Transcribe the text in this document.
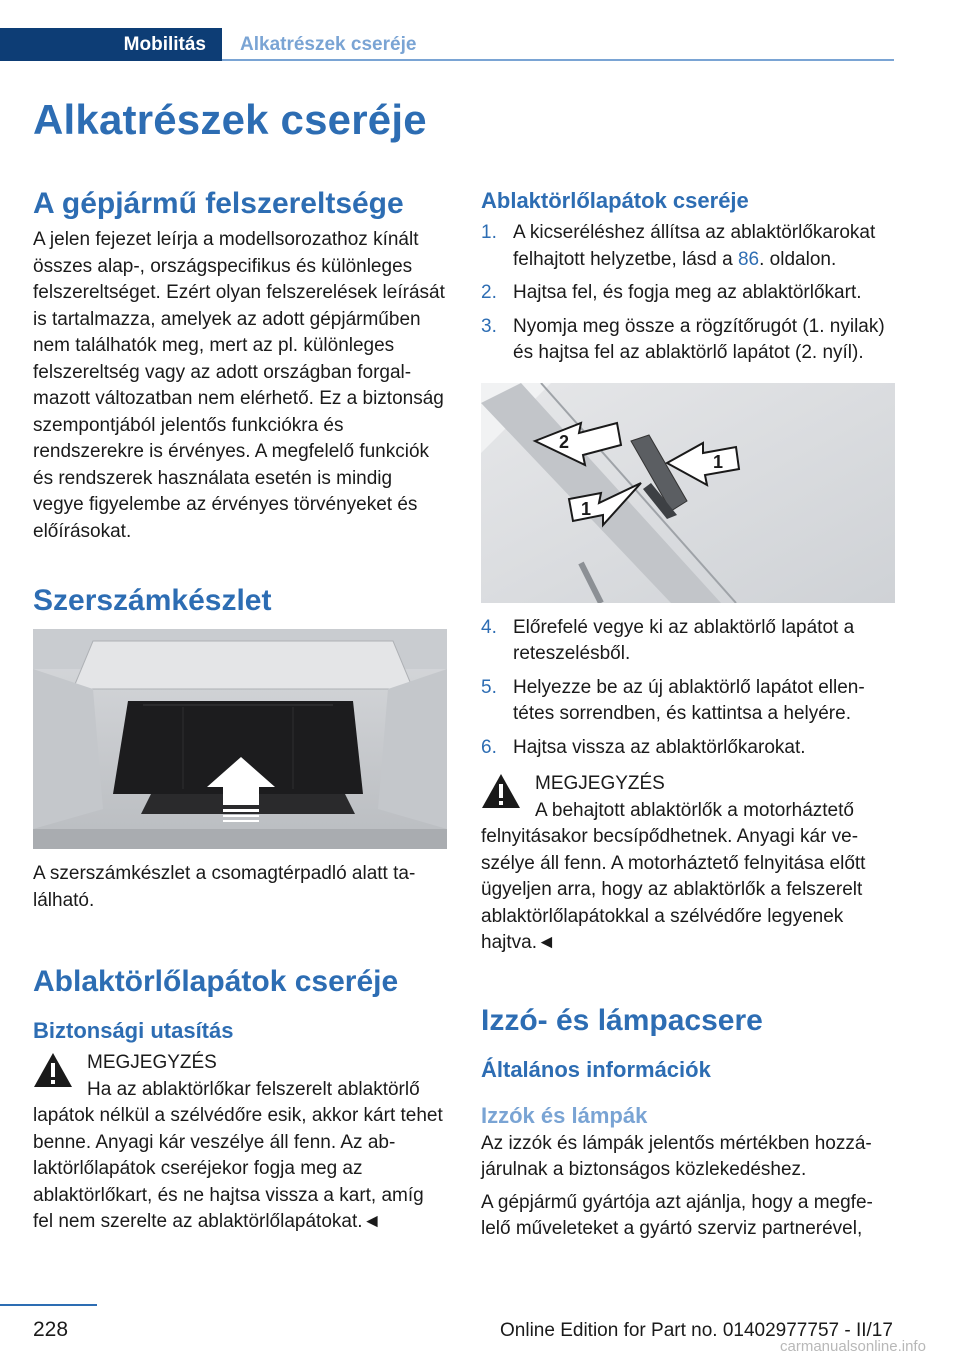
Mobilitás	Alkatrészek cseréje
Alkatrészek cseréje
A gépjármű felszereltsége

A jelen fejezet leírja a modellsorozathoz kínált összes alap-, országspecifikus és különleges felszereltséget. Ezért olyan felszerelések leírását is tartalmazza, amelyek az adott gépjárműben nem találhatók meg, mert az pl. különleges felszereltség vagy az adott országban forgalmazott változatban nem elérhető. Ez a biztonság szempontjából jelentős funkciókra és rendszerekre is érvényes. A megfelelő funkciók és rendszerek használata esetén is mindig vegye figyelembe az érvényes törvényeket és előírásokat.

Szerszámkészlet

A szerszámkészlet a csomagtérpadló alatt található.

Ablaktörlőlapátok cseréje
Biztonsági utasítás

MEGJEGYZÉS

Ha az ablaktörlőkar felszerelt ablaktörlő

lapátok nélkül a szélvédőre esik, akkor kárt tehet benne. Anyagi kár veszélye áll fenn. Az ablaktörlőlapátok cseréjekor fogja meg az ablaktörlőkart, és ne hajtsa vissza a kart, amíg fel nem szerelte az ablaktörlőlapátokat.◄

Ablaktörlőlapátok cseréje
1. A kicseréléshez állítsa az ablaktörlőkarokat felhajtott helyzetbe, lásd a 86. oldalon.
2. Hajtsa fel, és fogja meg az ablaktörlőkart.
3. Nyomja meg össze a rögzítőrugót (1. nyilak) és hajtsa fel az ablaktörlő lapátot (2. nyíl).
2
1
1
4. Előrefelé vegye ki az ablaktörlő lapátot a reteszelésből.
5. Helyezze be az új ablaktörlő lapátot ellentétes sorrendben, és kattintsa a helyére.
6. Hajtsa vissza az ablaktörlőkarokat.

MEGJEGYZÉS

A behajtott ablaktörlők a motorháztető

felnyitásakor becsípődhetnek. Anyagi kár veszélye áll fenn. A motorháztető felnyitása előtt ügyeljen arra, hogy az ablaktörlők a felszerelt ablaktörlőlapátokkal a szélvédőre legyenek hajtva.◄

Izzó- és lámpacsere
Általános információk
Izzók és lámpák

Az izzók és lámpák jelentős mértékben hozzájárulnak a biztonságos közlekedéshez.

A gépjármű gyártója azt ajánlja, hogy a megfelelő műveleteket a gyártó szerviz partnerével,

228	Online Edition for Part no. 01402977757 - II/17
carmanualsonline.info
